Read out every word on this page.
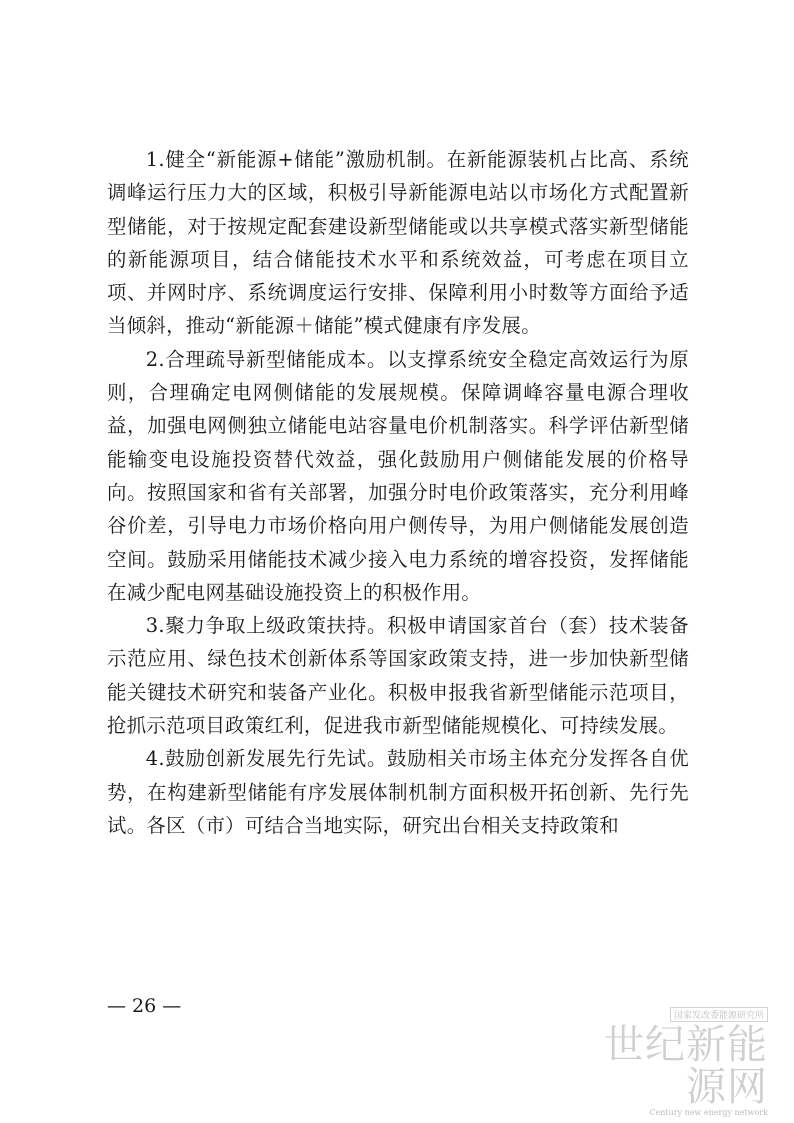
1.健全“新能源+储能”激励机制。在新能源装机占比高、系统调峰运行压力大的区域，积极引导新能源电站以市场化方式配置新型储能，对于按规定配套建设新型储能或以共享模式落实新型储能的新能源项目，结合储能技术水平和系统效益，可考虑在项目立项、并网时序、系统调度运行安排、保障利用小时数等方面给予适当倾斜，推动“新能源＋储能”模式健康有序发展。

2.合理疏导新型储能成本。以支撑系统安全稳定高效运行为原则，合理确定电网侧储能的发展规模。保障调峰容量电源合理收益，加强电网侧独立储能电站容量电价机制落实。科学评估新型储能输变电设施投资替代效益，强化鼓励用户侧储能发展的价格导向。按照国家和省有关部署，加强分时电价政策落实，充分利用峰谷价差，引导电力市场价格向用户侧传导，为用户侧储能发展创造空间。鼓励采用储能技术减少接入电力系统的增容投资，发挥储能在减少配电网基础设施投资上的积极作用。

3.聚力争取上级政策扶持。积极申请国家首台（套）技术装备示范应用、绿色技术创新体系等国家政策支持，进一步加快新型储能关键技术研究和装备产业化。积极申报我省新型储能示范项目，抢抓示范项目政策红利，促进我市新型储能规模化、可持续发展。

4.鼓励创新发展先行先试。鼓励相关市场主体充分发挥各自优势，在构建新型储能有序发展体制机制方面积极开拓创新、先行先试。各区（市）可结合当地实际，研究出台相关支持政策和

— 26 —	国家发改委能源研究所
世纪新能源网
Century new energy network
